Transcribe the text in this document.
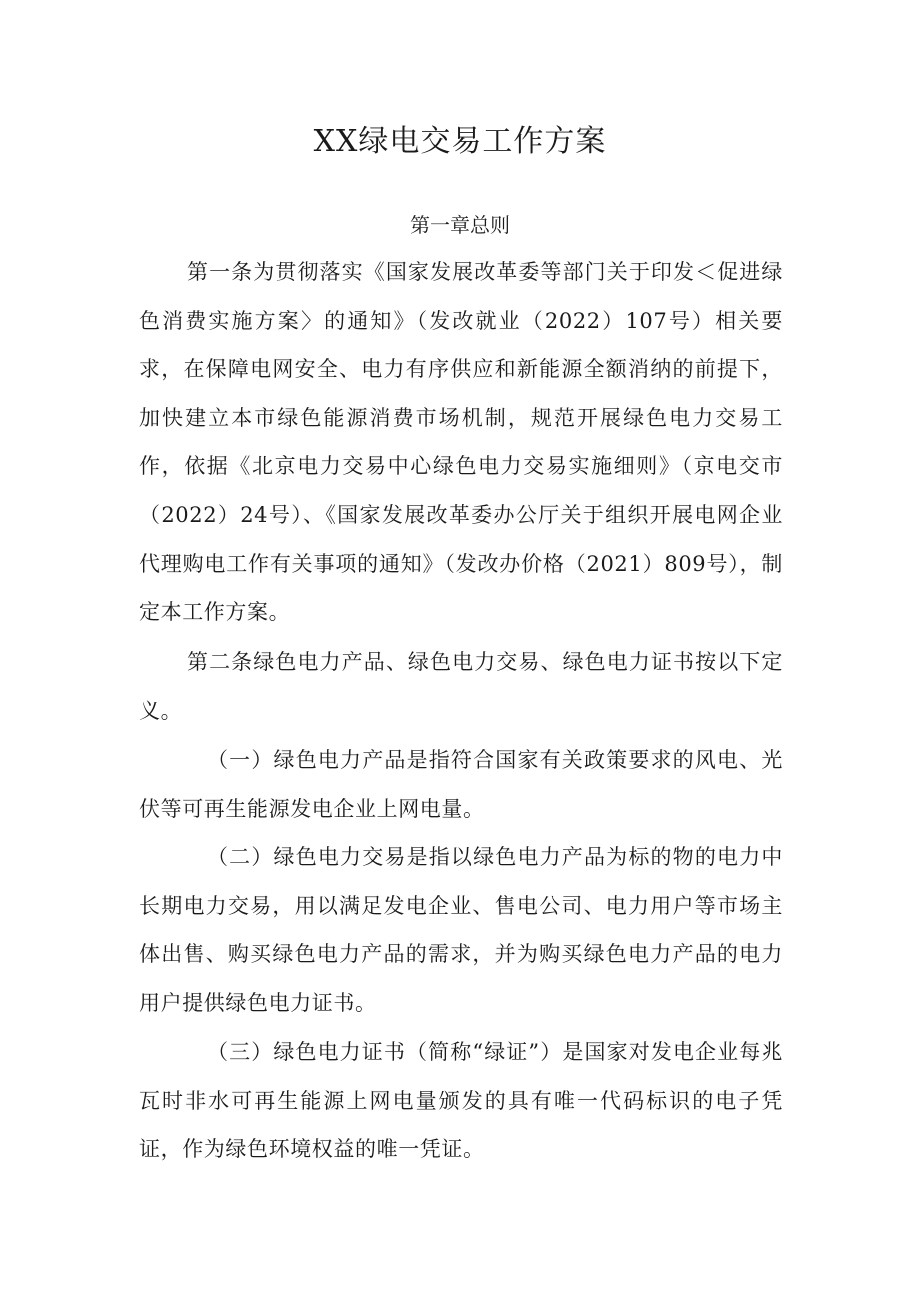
XX绿电交易工作方案
第一章总则
第一条为贯彻落实《国家发展改革委等部门关于印发＜促进绿色消费实施方案〉的通知》（发改就业（2022）107号）相关要求，在保障电网安全、电力有序供应和新能源全额消纳的前提下，加快建立本市绿色能源消费市场机制，规范开展绿色电力交易工作，依据《北京电力交易中心绿色电力交易实施细则》（京电交市（2022）24号）、《国家发展改革委办公厅关于组织开展电网企业代理购电工作有关事项的通知》（发改办价格（2021）809号），制定本工作方案。
第二条绿色电力产品、绿色电力交易、绿色电力证书按以下定义。
（一）绿色电力产品是指符合国家有关政策要求的风电、光伏等可再生能源发电企业上网电量。
（二）绿色电力交易是指以绿色电力产品为标的物的电力中长期电力交易，用以满足发电企业、售电公司、电力用户等市场主体出售、购买绿色电力产品的需求，并为购买绿色电力产品的电力用户提供绿色电力证书。
（三）绿色电力证书（简称“绿证”）是国家对发电企业每兆瓦时非水可再生能源上网电量颁发的具有唯一代码标识的电子凭证，作为绿色环境权益的唯一凭证。
